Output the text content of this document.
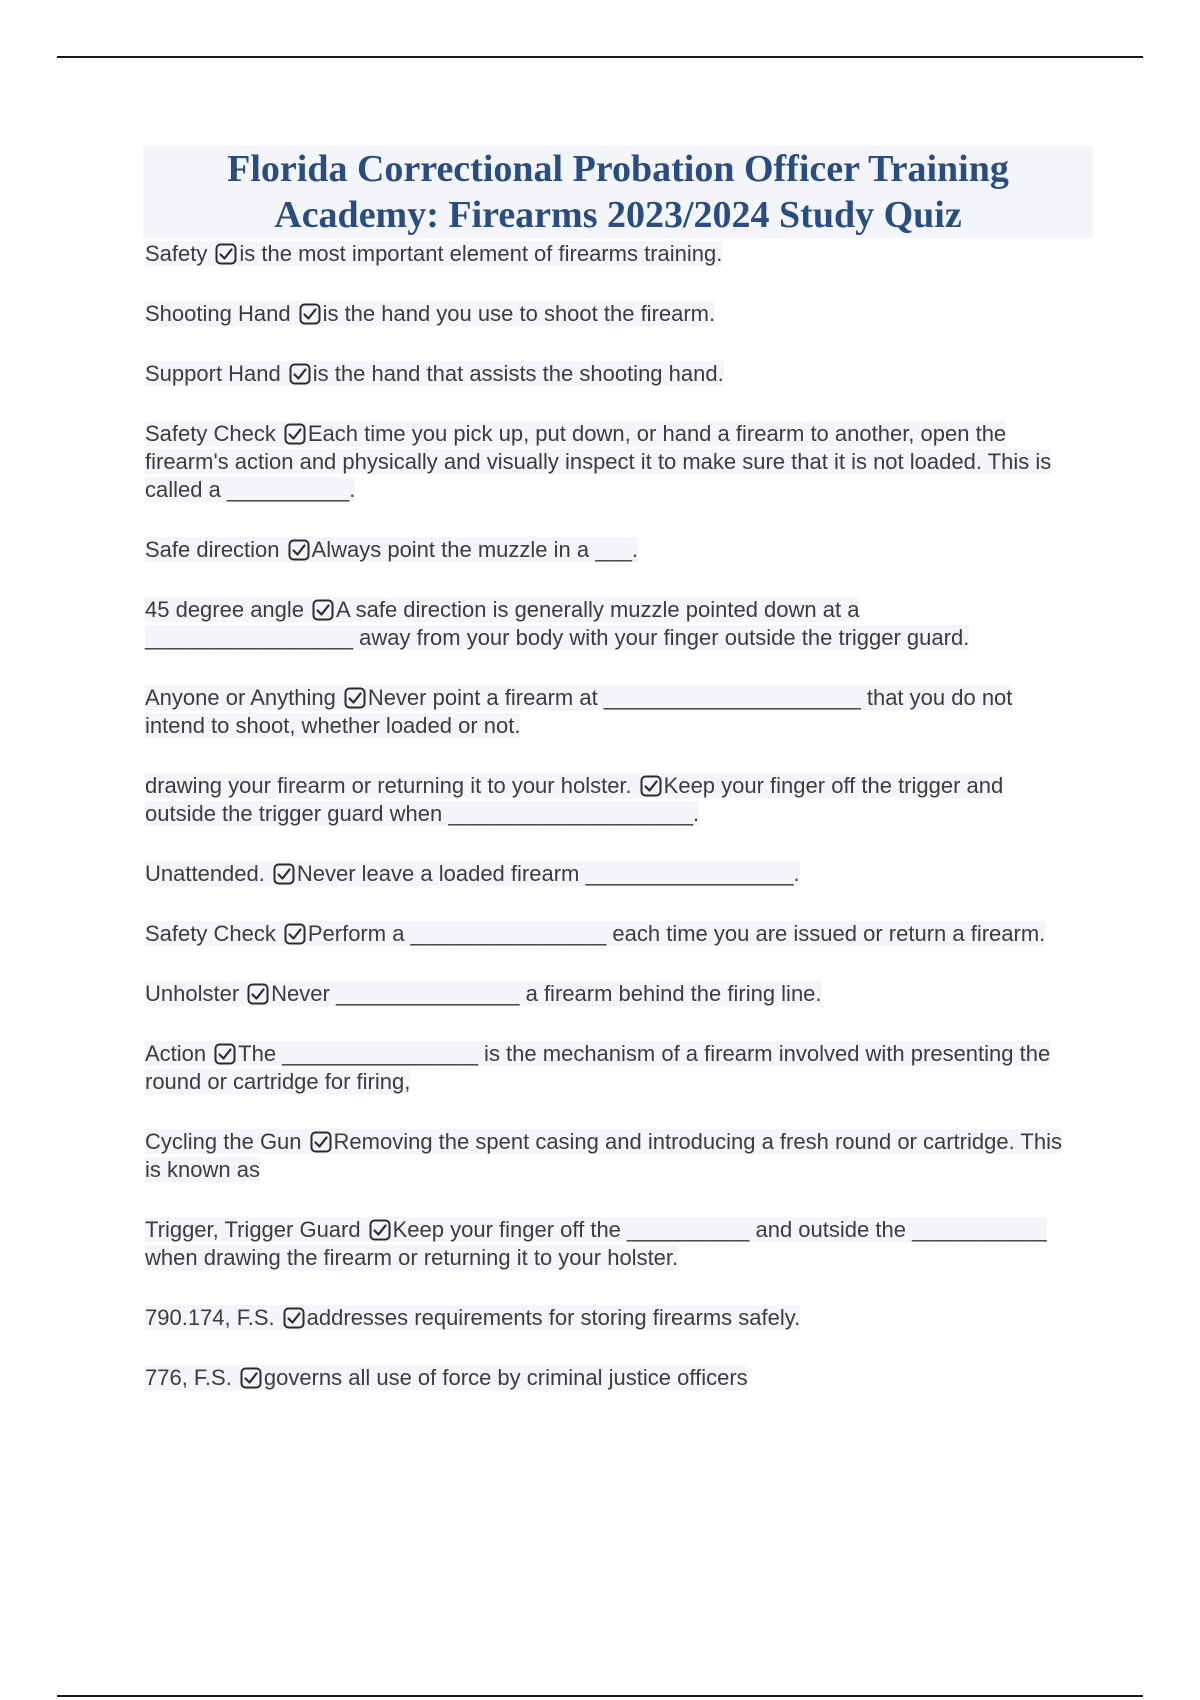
Florida Correctional Probation Officer Training
Academy: Firearms 2023/2024 Study Quiz
Safety is the most important element of firearms training.
Shooting Hand is the hand you use to shoot the firearm.
Support Hand is the hand that assists the shooting hand.
Safety Check Each time you pick up, put down, or hand a firearm to another, open the firearm's action and physically and visually inspect it to make sure that it is not loaded. This is called a __________.
Safe direction Always point the muzzle in a ___.
45 degree angle A safe direction is generally muzzle pointed down at a _________________ away from your body with your finger outside the trigger guard.
Anyone or Anything Never point a firearm at _____________________ that you do not intend to shoot, whether loaded or not.
drawing your firearm or returning it to your holster. Keep your finger off the trigger and outside the trigger guard when ____________________.
Unattended. Never leave a loaded firearm _________________.
Safety Check Perform a ________________ each time you are issued or return a firearm.
Unholster Never _______________ a firearm behind the firing line.
Action The ________________ is the mechanism of a firearm involved with presenting the round or cartridge for firing,
Cycling the Gun Removing the spent casing and introducing a fresh round or cartridge. This is known as
Trigger, Trigger Guard Keep your finger off the __________ and outside the ___________ when drawing the firearm or returning it to your holster.
790.174, F.S. addresses requirements for storing firearms safely.
776, F.S. governs all use of force by criminal justice officers
